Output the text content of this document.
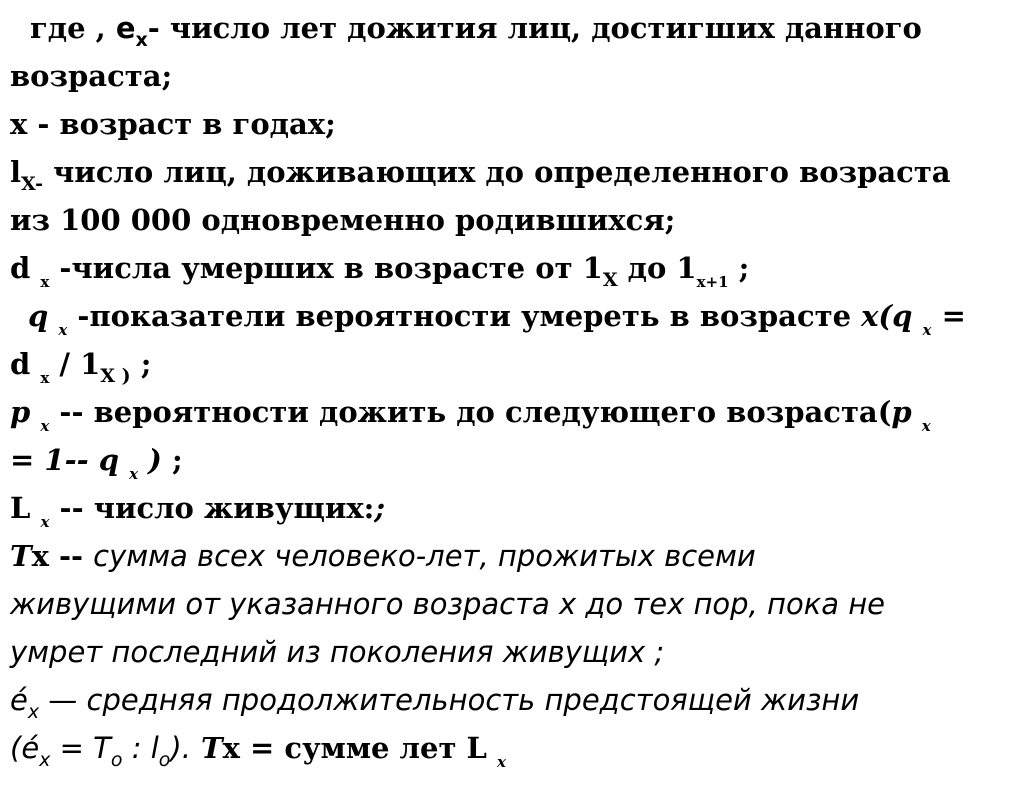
где , $e_x-$ число лет дожития лиц, достигших данного
возраста;
x - возраст в годах;
$l_{X-}$ число лиц, доживающих до определенного возраста
из 100 000 одновременно родившихся;
d $_x$ -числа умерших в возрасте от $1_X$ до $1_{x+1}$ ;
q $_x$ -показатели вероятности умереть в возрасте x(q $_x$ =
d $_x / 1_{X )}$ ;
p $_x$ -- вероятности дожить до следующего возраста(p $_x$
= 1-- q $_x$ ) ;
L $_x$ -- число живущих:;
Tx -- сумма всех человеко-лет, прожитых всеми
живущими от указанного возраста x до тех пор, пока не
умрет последний из поколения живущих ;
$é_x$ — средняя продолжительность предстоящей жизни
($é_x = T_o$ : $l_o$). Tx = сумме лет L $_x$
